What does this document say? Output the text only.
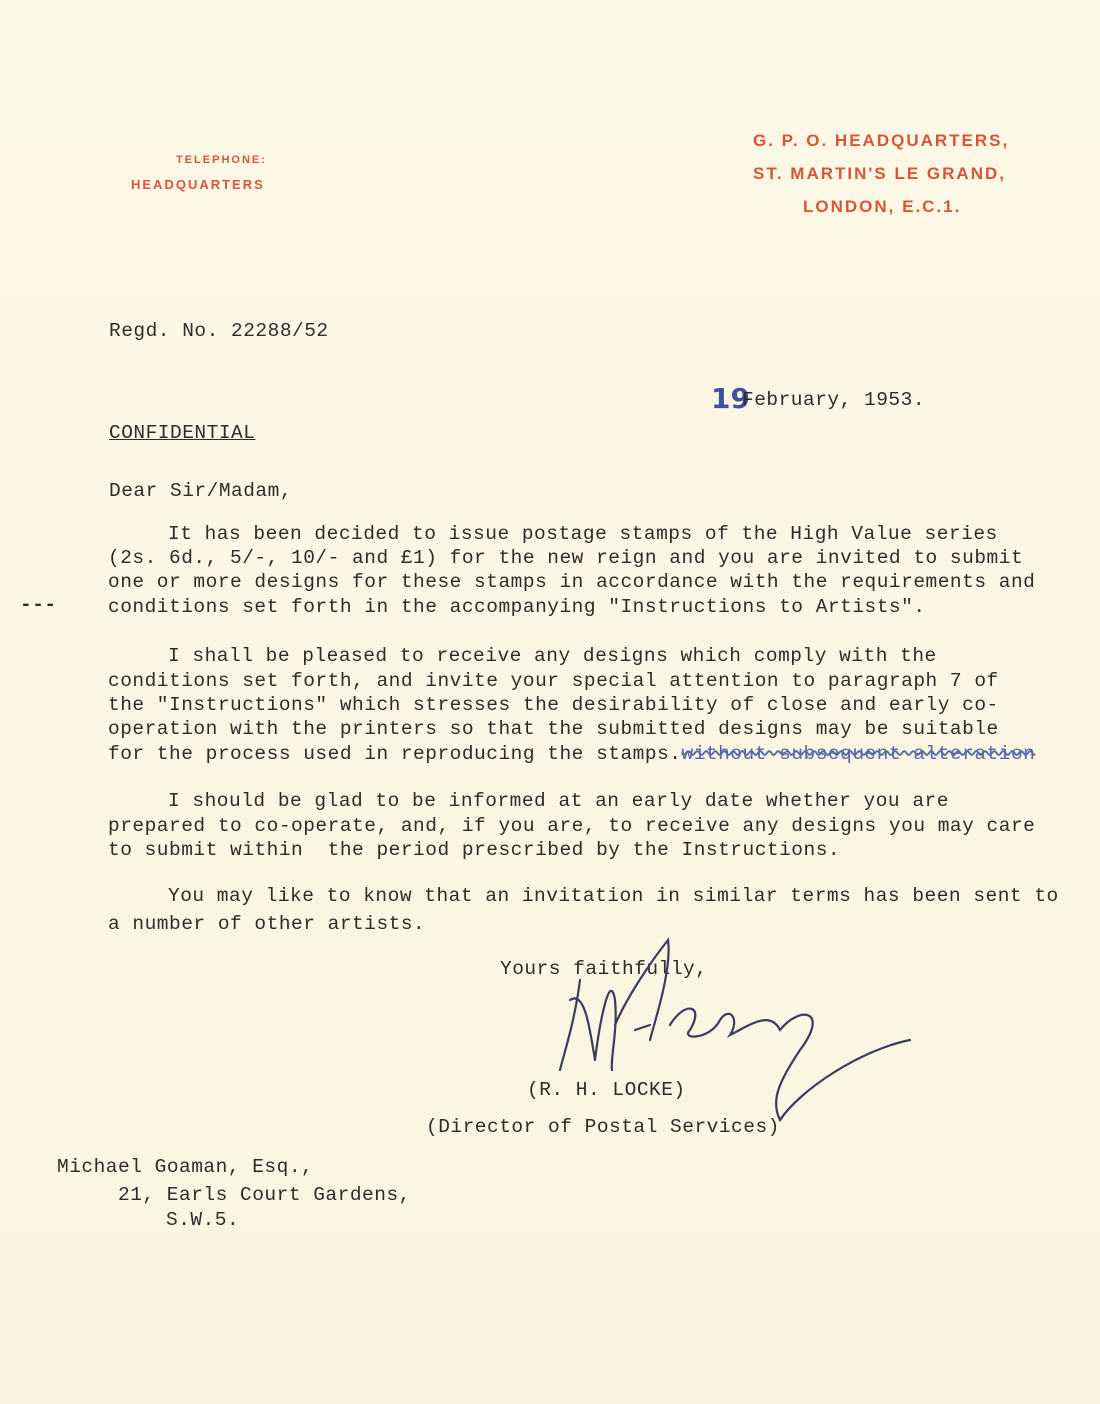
TELEPHONE:
HEADQUARTERS
G. P. O. HEADQUARTERS,
ST. MARTIN'S LE GRAND,
LONDON, E.C.1.
Regd. No. 22288/52
19
February, 1953.
CONFIDENTIAL
Dear Sir/Madam,
It has been decided to issue postage stamps of the High Value series
(2s. 6d., 5/-, 10/- and £1) for the new reign and you are invited to submit
one or more designs for these stamps in accordance with the requirements and
conditions set forth in the accompanying "Instructions to Artists".
---
I shall be pleased to receive any designs which comply with the
conditions set forth, and invite your special attention to paragraph 7 of
the "Instructions" which stresses the desirability of close and early co-
operation with the printers so that the submitted designs may be suitable
for the process used in reproducing the stamps.without subsequent alteration
I should be glad to be informed at an early date whether you are
prepared to co-operate, and, if you are, to receive any designs you may care
to submit within  the period prescribed by the Instructions.
You may like to know that an invitation in similar terms has been sent to
a number of other artists.
Yours faithfully,
(R. H. LOCKE)
(Director of Postal Services)
Michael Goaman, Esq.,
21, Earls Court Gardens,
S.W.5.
